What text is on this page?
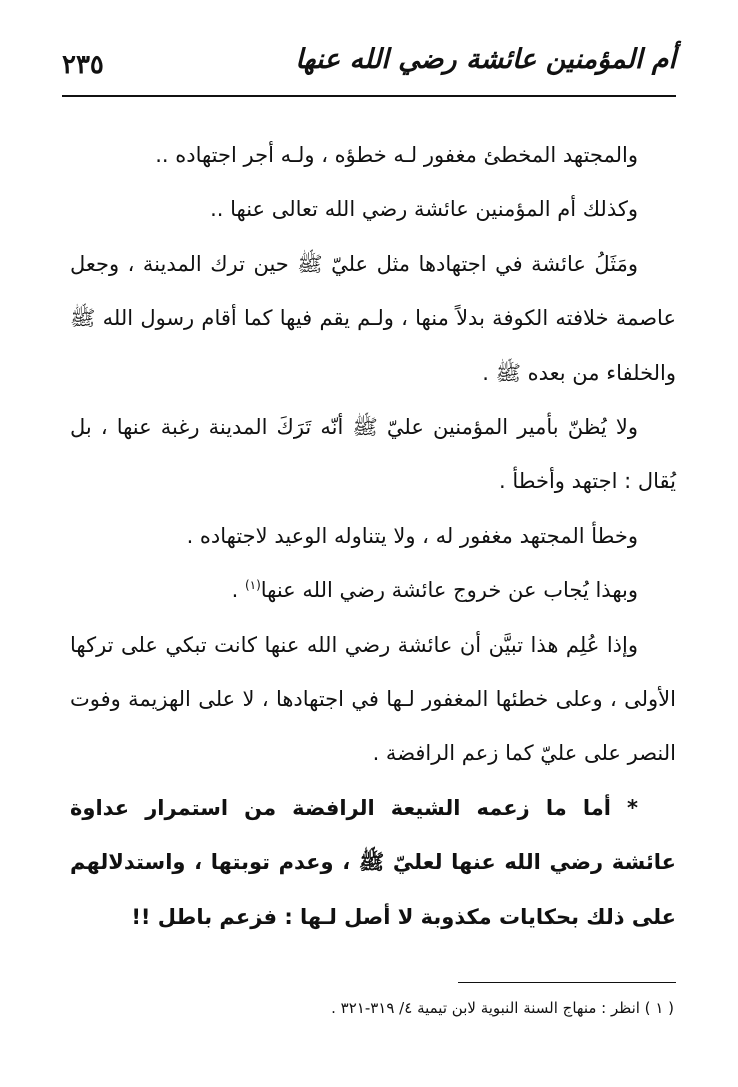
أم المؤمنين عائشة رضي الله عنها
٢٣٥

والمجتهد المخطئ مغفور لـه خطؤه ، ولـه أجر اجتهاده ..

وكذلك أم المؤمنين عائشة رضي الله تعالى عنها ..

ومَثَلُ عائشة في اجتهادها مثل عليّ ﷺ حين ترك المدينة ، وجعل عاصمة خلافته الكوفة بدلاً منها ، ولـم يقم فيها كما أقام رسول الله ﷺ والخلفاء من بعده ﷺ .

ولا يُظنّ بأمير المؤمنين عليّ ﷺ أنّه تَرَكَ المدينة رغبة عنها ، بل يُقال : اجتهد وأخطأ .

وخطأ المجتهد مغفور له ، ولا يتناوله الوعيد لاجتهاده .

وبهذا يُجاب عن خروج عائشة رضي الله عنها$^{(١)}$ .

وإذا عُلِم هذا تبيَّن أن عائشة رضي الله عنها كانت تبكي على تركها الأولى ، وعلى خطئها المغفور لـها في اجتهادها ، لا على الهزيمة وفوت النصر على عليّ كما زعم الرافضة .

* أما ما زعمه الشيعة الرافضة من استمرار عداوة عائشة رضي الله عنها لعليّ ﷺ ، وعدم توبتها ، واستدلالهم على ذلك بحكايات مكذوبة لا أصل لـها : فزعم باطل !!

( ١ ) انظر : منهاج السنة النبوية لابن تيمية ٤/ ٣١٩-٣٢١ .
